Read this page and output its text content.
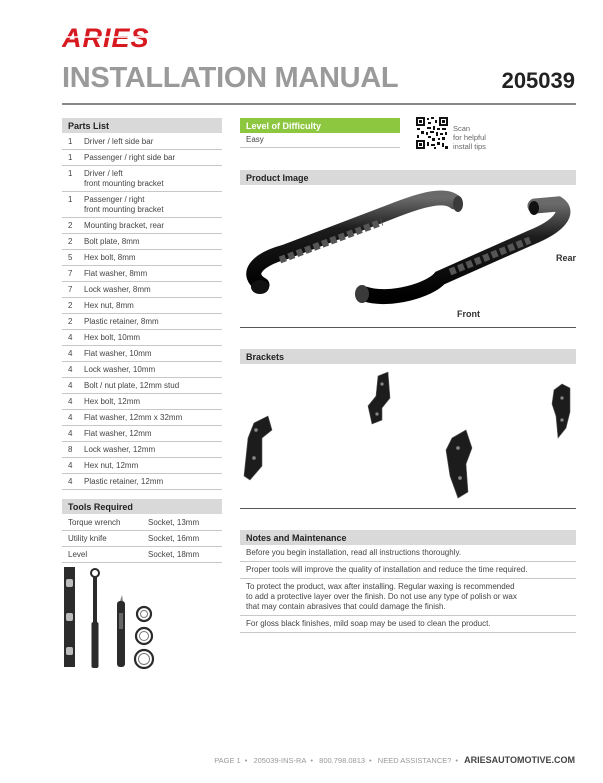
ARIES
INSTALLATION MANUAL	205039
Parts List
1	Driver / left side bar

1	Passenger / right side bar

1	Driver / left
front mounting bracket

1	Passenger / right
front mounting bracket

2	Mounting bracket, rear

2	Bolt plate, 8mm

5	Hex bolt, 8mm

7	Flat washer, 8mm

7	Lock washer, 8mm

2	Hex nut, 8mm

2	Plastic retainer, 8mm

4	Hex bolt, 10mm

4	Flat washer, 10mm

4	Lock washer, 10mm

4	Bolt / nut plate, 12mm stud

4	Hex bolt, 12mm

4	Flat washer, 12mm x 32mm

4	Flat washer, 12mm

8	Lock washer, 12mm

4	Hex nut, 12mm

4	Plastic retainer, 12mm
Tools Required
Torque wrench	Socket, 13mm
Utility knife	Socket, 16mm
Level	Socket, 18mm
Level of Difficulty
Easy
Scan
for helpful
install tips
Product Image
Rear
Front
Brackets
Notes and Maintenance
Before you begin installation, read all instructions thoroughly.
Proper tools will improve the quality of installation and reduce the time required.
To protect the product, wax after installing. Regular waxing is recommended
to add a protective layer over the finish. Do not use any type of polish or wax
that may contain abrasives that could damage the finish.
For gloss black finishes, mild soap may be used to clean the product.
PAGE 1 • 205039-INS-RA • 800.798.0813 • NEED ASSISTANCE? • ARIESAUTOMOTIVE.COM
